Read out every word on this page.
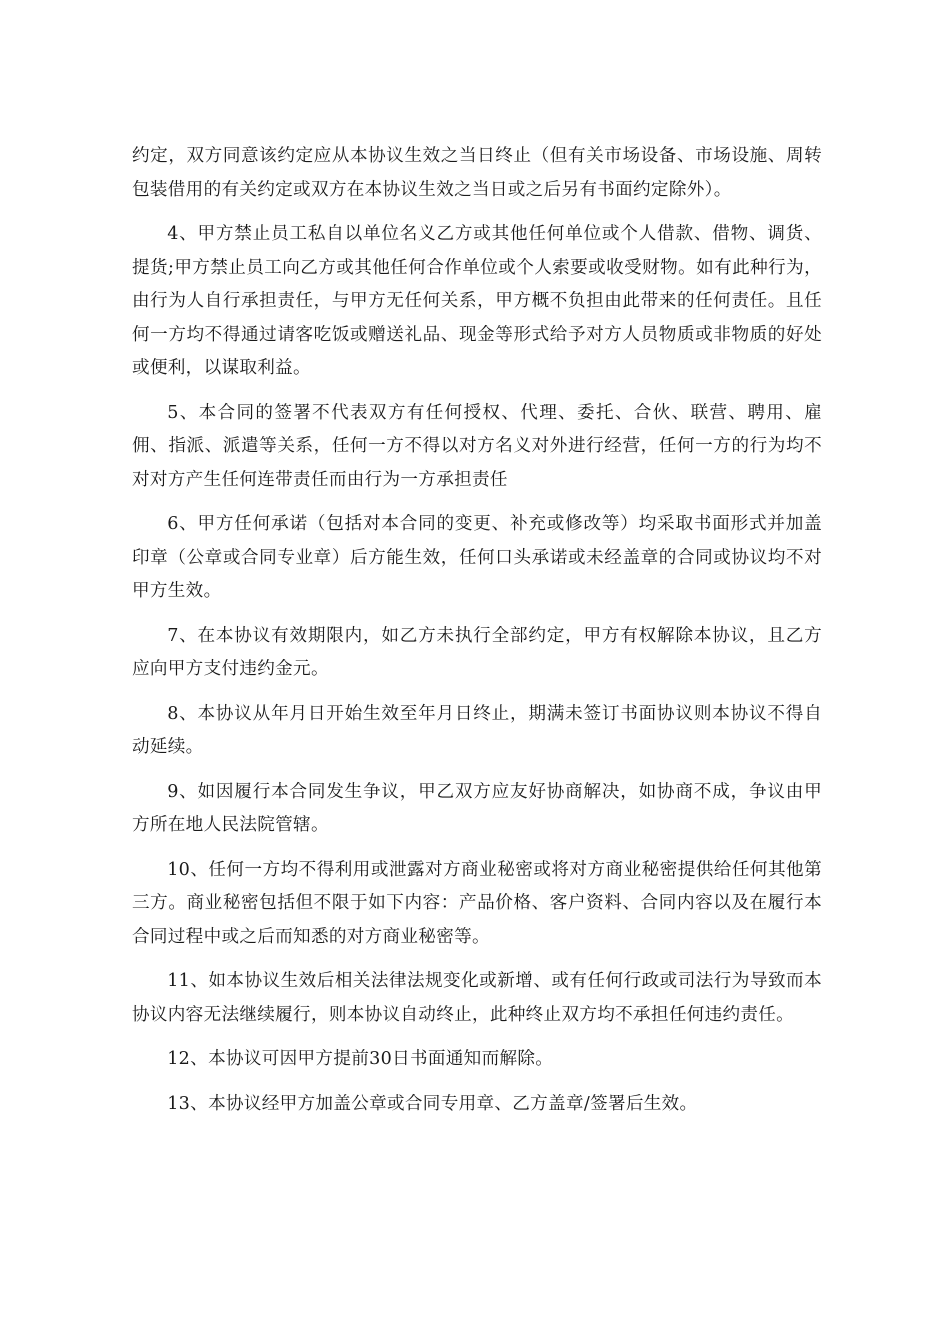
约定，双方同意该约定应从本协议生效之当日终止（但有关市场设备、市场设施、周转包装借用的有关约定或双方在本协议生效之当日或之后另有书面约定除外）。

4、甲方禁止员工私自以单位名义乙方或其他任何单位或个人借款、借物、调货、提货;甲方禁止员工向乙方或其他任何合作单位或个人索要或收受财物。如有此种行为，由行为人自行承担责任，与甲方无任何关系，甲方概不负担由此带来的任何责任。且任何一方均不得通过请客吃饭或赠送礼品、现金等形式给予对方人员物质或非物质的好处或便利，以谋取利益。

5、本合同的签署不代表双方有任何授权、代理、委托、合伙、联营、聘用、雇佣、指派、派遣等关系，任何一方不得以对方名义对外进行经营，任何一方的行为均不对对方产生任何连带责任而由行为一方承担责任

6、甲方任何承诺（包括对本合同的变更、补充或修改等）均采取书面形式并加盖印章（公章或合同专业章）后方能生效，任何口头承诺或未经盖章的合同或协议均不对甲方生效。

7、在本协议有效期限内，如乙方未执行全部约定，甲方有权解除本协议，且乙方应向甲方支付违约金元。

8、本协议从年月日开始生效至年月日终止，期满未签订书面协议则本协议不得自动延续。

9、如因履行本合同发生争议，甲乙双方应友好协商解决，如协商不成，争议由甲方所在地人民法院管辖。

10、任何一方均不得利用或泄露对方商业秘密或将对方商业秘密提供给任何其他第三方。商业秘密包括但不限于如下内容：产品价格、客户资料、合同内容以及在履行本合同过程中或之后而知悉的对方商业秘密等。

11、如本协议生效后相关法律法规变化或新增、或有任何行政或司法行为导致而本协议内容无法继续履行，则本协议自动终止，此种终止双方均不承担任何违约责任。

12、本协议可因甲方提前30日书面通知而解除。

13、本协议经甲方加盖公章或合同专用章、乙方盖章/签署后生效。
